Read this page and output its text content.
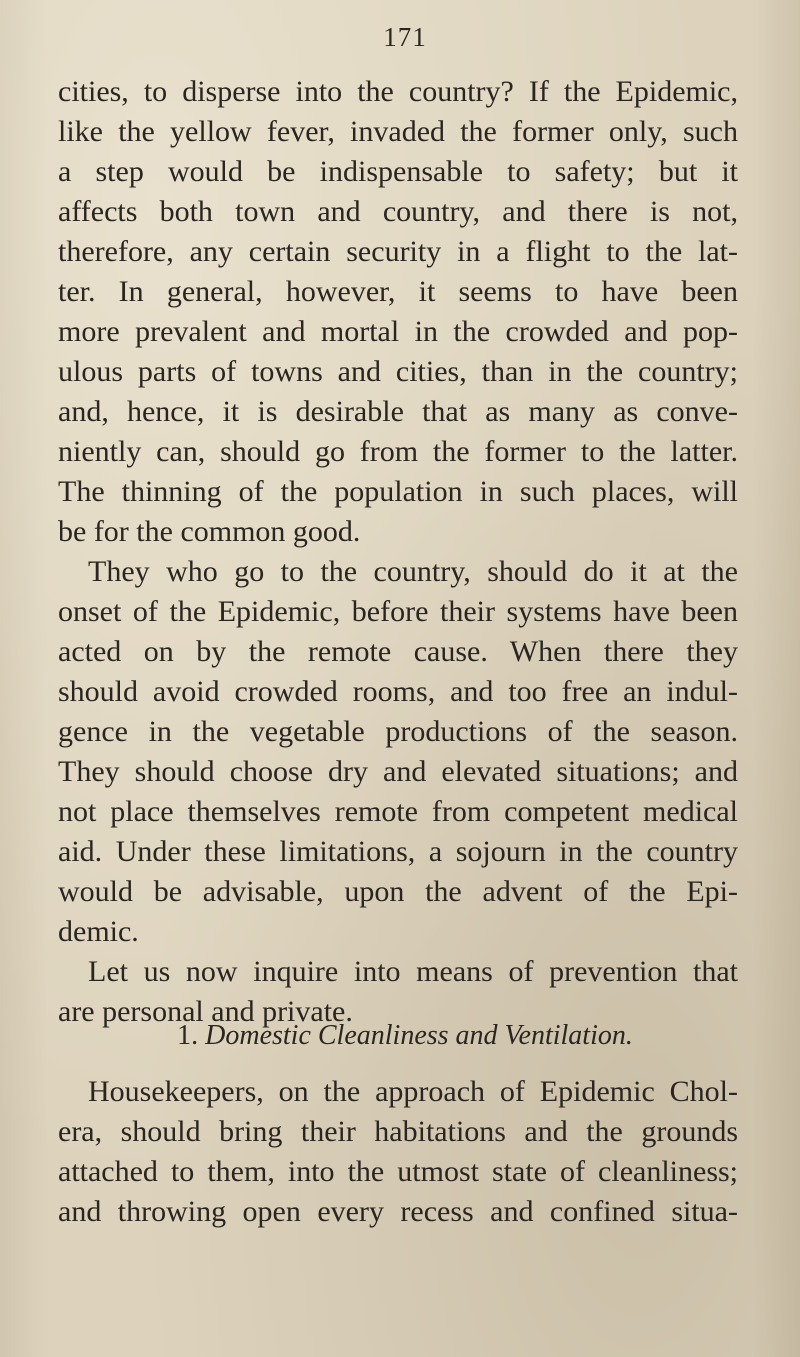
171
cities, to disperse into the country? If the Epidemic,
like the yellow fever, invaded the former only, such
a step would be indispensable to safety; but it
affects both town and country, and there is not,
therefore, any certain security in a flight to the lat-
ter. In general, however, it seems to have been
more prevalent and mortal in the crowded and pop-
ulous parts of towns and cities, than in the country;
and, hence, it is desirable that as many as conve-
niently can, should go from the former to the latter.
The thinning of the population in such places, will
be for the common good.
They who go to the country, should do it at the
onset of the Epidemic, before their systems have been
acted on by the remote cause. When there they
should avoid crowded rooms, and too free an indul-
gence in the vegetable productions of the season.
They should choose dry and elevated situations; and
not place themselves remote from competent medical
aid. Under these limitations, a sojourn in the country
would be advisable, upon the advent of the Epi-
demic.
Let us now inquire into means of prevention that
are personal and private.
1. Domestic Cleanliness and Ventilation.
Housekeepers, on the approach of Epidemic Chol-
era, should bring their habitations and the grounds
attached to them, into the utmost state of cleanliness;
and throwing open every recess and confined situa-
